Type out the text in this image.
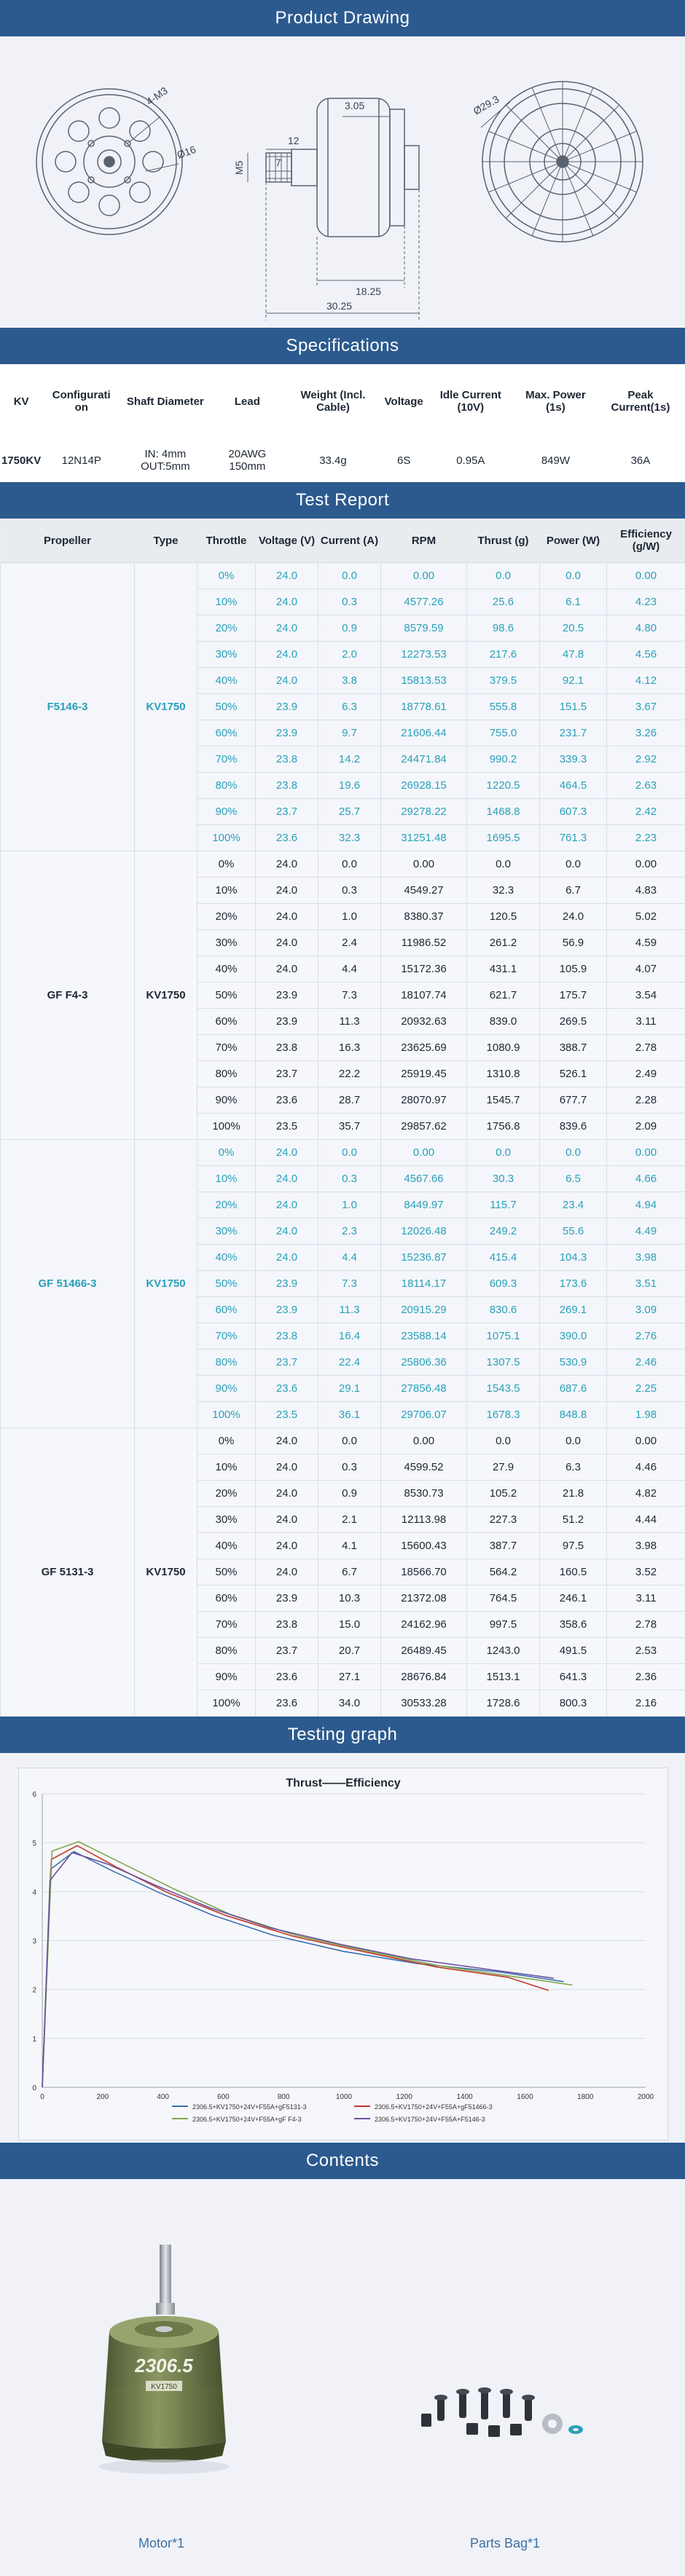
Product Drawing
4-M3
Ø16
3.05
12
7
M5
18.25
30.25
Ø29.3
Specifications
KV	Configurati on	Shaft Diameter	Lead	Weight (Incl. Cable)	Voltage	Idle Current (10V)	Max. Power (1s)	Peak Current(1s)
1750KV	12N14P	IN: 4mm OUT:5mm	20AWG 150mm	33.4g	6S	0.95A	849W	36A
Test Report
Propeller	Type	Throttle	Voltage (V)	Current (A)	RPM	Thrust (g)	Power (W)	Efficiency (g/W)
F5146-3	KV1750	0%	24.0	0.0	0.00	0.0	0.0	0.00
		10%	24.0	0.3	4577.26	25.6	6.1	4.23
		20%	24.0	0.9	8579.59	98.6	20.5	4.80
		30%	24.0	2.0	12273.53	217.6	47.8	4.56
		40%	24.0	3.8	15813.53	379.5	92.1	4.12
		50%	23.9	6.3	18778.61	555.8	151.5	3.67
		60%	23.9	9.7	21606.44	755.0	231.7	3.26
		70%	23.8	14.2	24471.84	990.2	339.3	2.92
		80%	23.8	19.6	26928.15	1220.5	464.5	2.63
		90%	23.7	25.7	29278.22	1468.8	607.3	2.42
		100%	23.6	32.3	31251.48	1695.5	761.3	2.23
GF F4-3	KV1750	0%	24.0	0.0	0.00	0.0	0.0	0.00
		10%	24.0	0.3	4549.27	32.3	6.7	4.83
		20%	24.0	1.0	8380.37	120.5	24.0	5.02
		30%	24.0	2.4	11986.52	261.2	56.9	4.59
		40%	24.0	4.4	15172.36	431.1	105.9	4.07
		50%	23.9	7.3	18107.74	621.7	175.7	3.54
		60%	23.9	11.3	20932.63	839.0	269.5	3.11
		70%	23.8	16.3	23625.69	1080.9	388.7	2.78
		80%	23.7	22.2	25919.45	1310.8	526.1	2.49
		90%	23.6	28.7	28070.97	1545.7	677.7	2.28
		100%	23.5	35.7	29857.62	1756.8	839.6	2.09
GF 51466-3	KV1750	0%	24.0	0.0	0.00	0.0	0.0	0.00
		10%	24.0	0.3	4567.66	30.3	6.5	4.66
		20%	24.0	1.0	8449.97	115.7	23.4	4.94
		30%	24.0	2.3	12026.48	249.2	55.6	4.49
		40%	24.0	4.4	15236.87	415.4	104.3	3.98
		50%	23.9	7.3	18114.17	609.3	173.6	3.51
		60%	23.9	11.3	20915.29	830.6	269.1	3.09
		70%	23.8	16.4	23588.14	1075.1	390.0	2.76
		80%	23.7	22.4	25806.36	1307.5	530.9	2.46
		90%	23.6	29.1	27856.48	1543.5	687.6	2.25
		100%	23.5	36.1	29706.07	1678.3	848.8	1.98
GF 5131-3	KV1750	0%	24.0	0.0	0.00	0.0	0.0	0.00
		10%	24.0	0.3	4599.52	27.9	6.3	4.46
		20%	24.0	0.9	8530.73	105.2	21.8	4.82
		30%	24.0	2.1	12113.98	227.3	51.2	4.44
		40%	24.0	4.1	15600.43	387.7	97.5	3.98
		50%	24.0	6.7	18566.70	564.2	160.5	3.52
		60%	23.9	10.3	21372.08	764.5	246.1	3.11
		70%	23.8	15.0	24162.96	997.5	358.6	2.78
		80%	23.7	20.7	26489.45	1243.0	491.5	2.53
		90%	23.6	27.1	28676.84	1513.1	641.3	2.36
		100%	23.6	34.0	30533.28	1728.6	800.3	2.16
Testing graph
Thrust——Efficiency
0
1
2
3
4
5
6
0	200	400	600	800	1000	1200	1400	1600	1800	2000
2306.5+KV1750+24V+F55A+gF5131-3	2306.5+KV1750+24V+F55A+gF51466-3
2306.5+KV1750+24V+F55A+gF F4-3	2306.5+KV1750+24V+F55A+F5146-3
Contents
2306.5
KV1750
Motor*1	Parts Bag*1
